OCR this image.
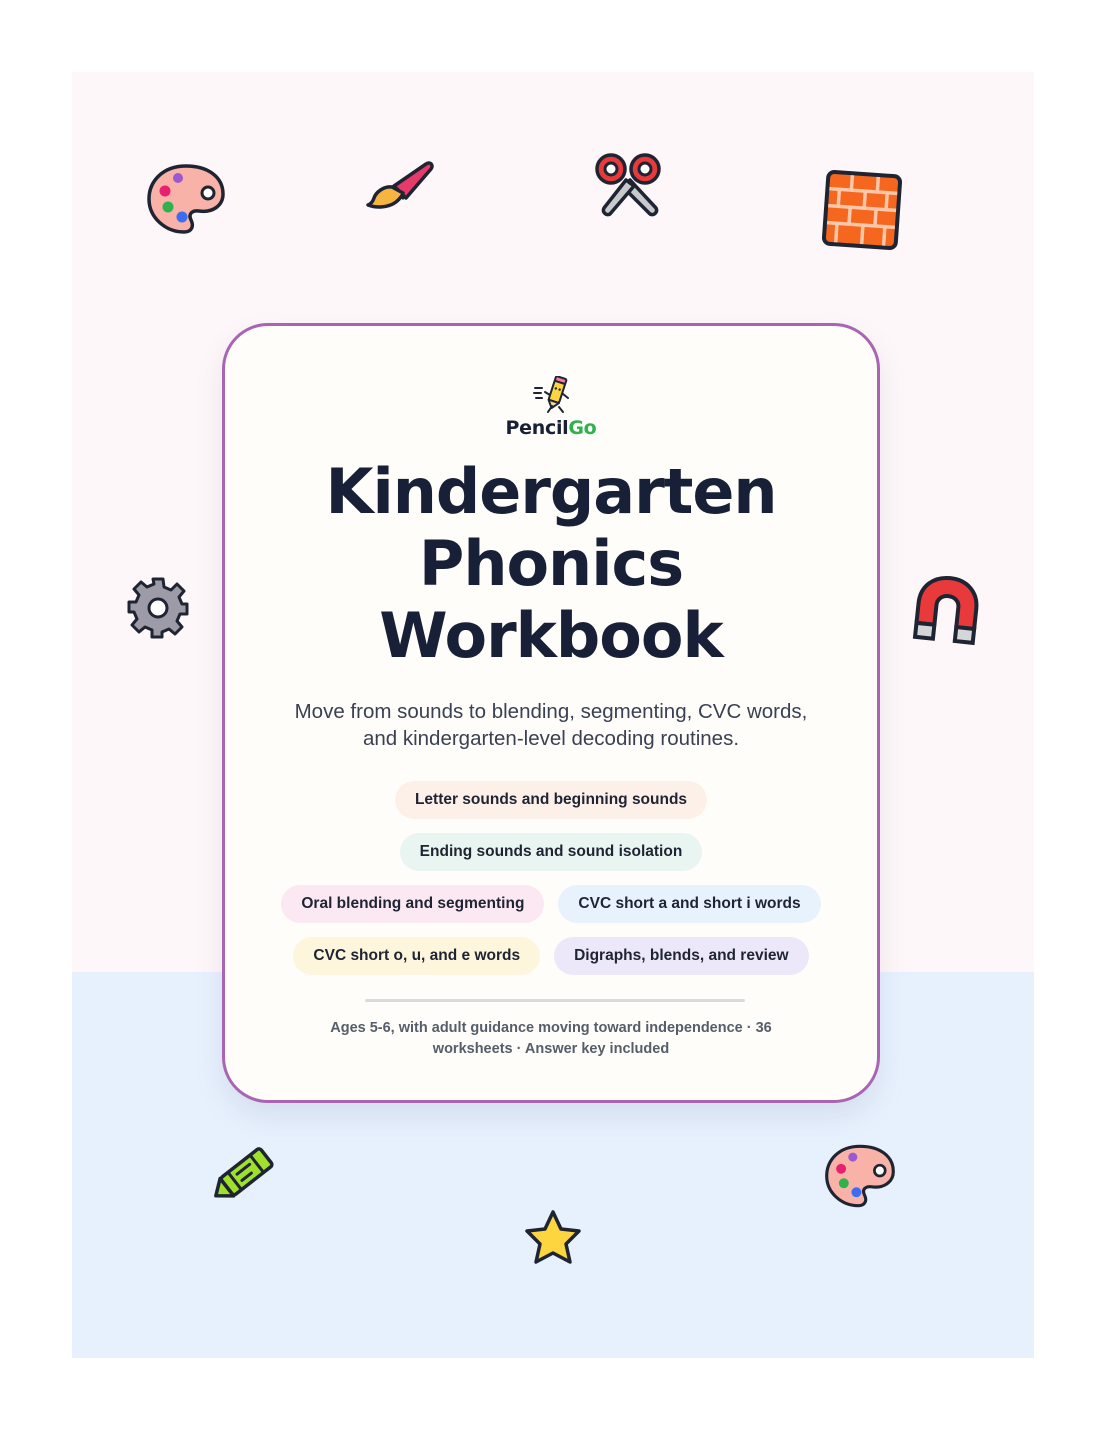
PencilGo
Kindergarten
Phonics
Workbook
Move from sounds to blending, segmenting, CVC words,
and kindergarten-level decoding routines.
Letter sounds and beginning sounds
Ending sounds and sound isolation
Oral blending and segmenting	CVC short a and short i words
CVC short o, u, and e words	Digraphs, blends, and review
Ages 5-6, with adult guidance moving toward independence · 36
worksheets · Answer key included
